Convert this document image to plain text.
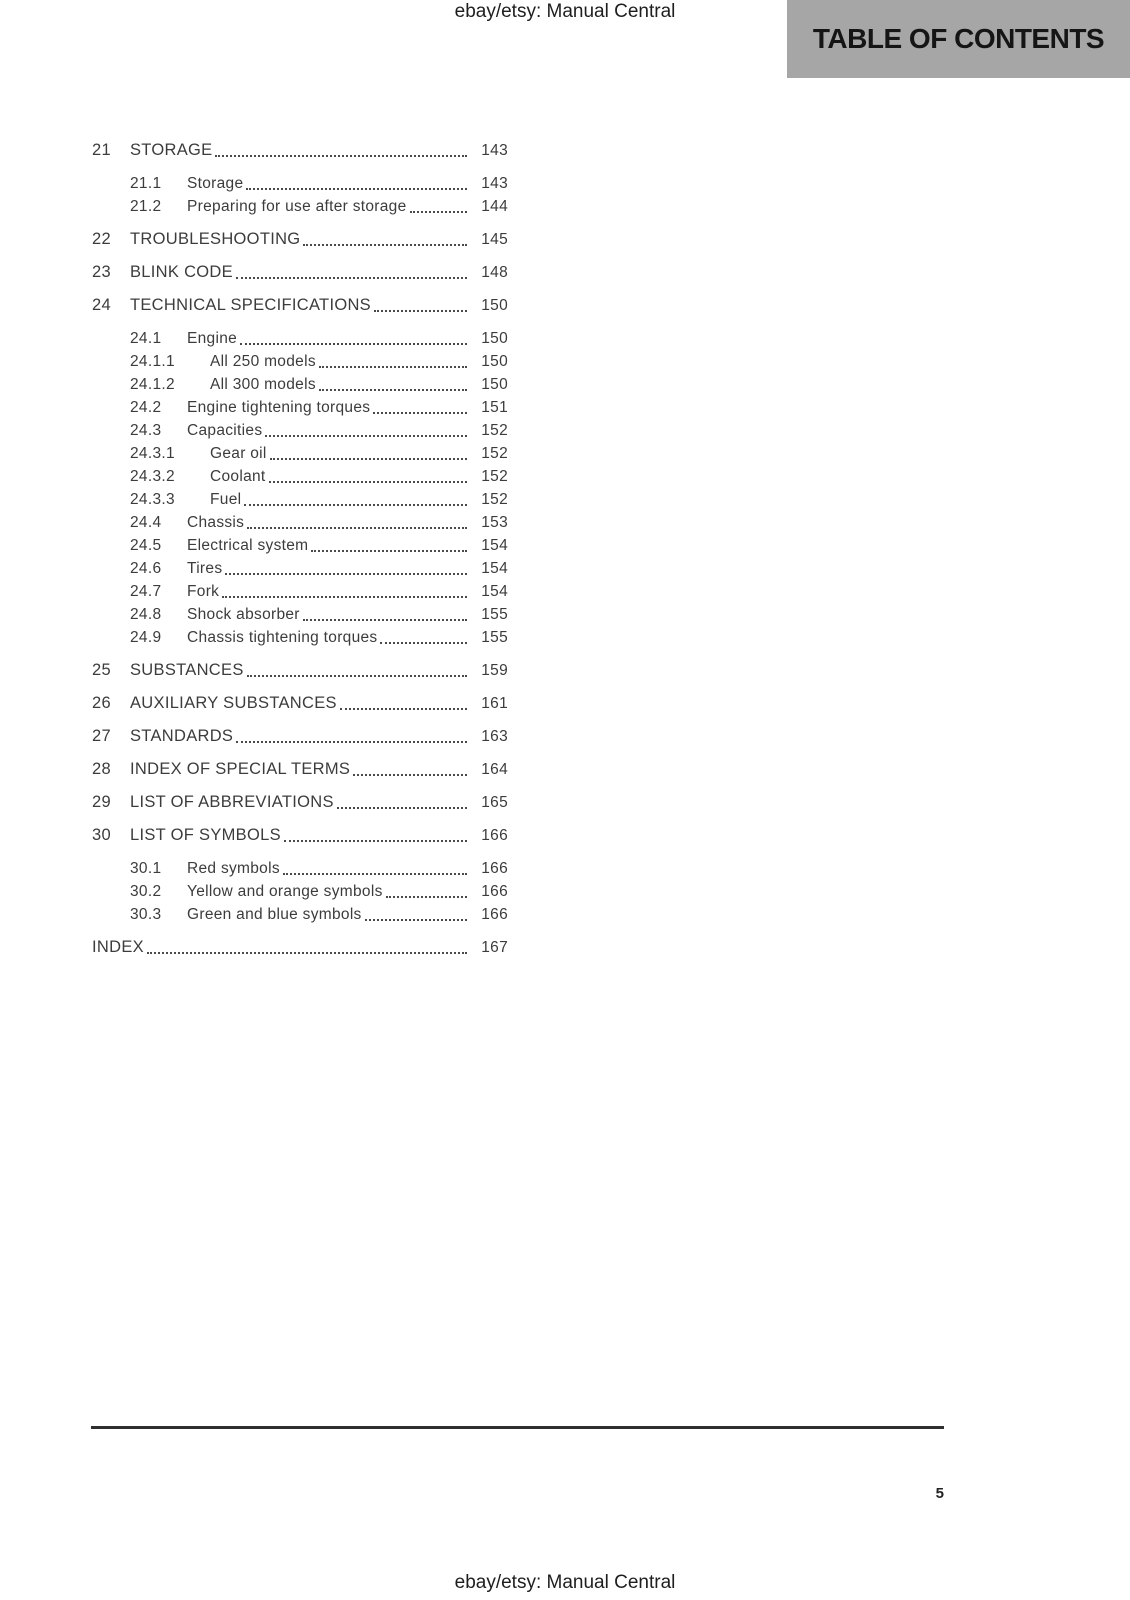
ebay/etsy: Manual Central
TABLE OF CONTENTS
21	STORAGE	143
21.1	Storage	143
21.2	Preparing for use after storage	144
22	TROUBLESHOOTING	145
23	BLINK CODE	148
24	TECHNICAL SPECIFICATIONS	150
24.1	Engine	150
24.1.1	All 250 models	150
24.1.2	All 300 models	150
24.2	Engine tightening torques	151
24.3	Capacities	152
24.3.1	Gear oil	152
24.3.2	Coolant	152
24.3.3	Fuel	152
24.4	Chassis	153
24.5	Electrical system	154
24.6	Tires	154
24.7	Fork	154
24.8	Shock absorber	155
24.9	Chassis tightening torques	155
25	SUBSTANCES	159
26	AUXILIARY SUBSTANCES	161
27	STANDARDS	163
28	INDEX OF SPECIAL TERMS	164
29	LIST OF ABBREVIATIONS	165
30	LIST OF SYMBOLS	166
30.1	Red symbols	166
30.2	Yellow and orange symbols	166
30.3	Green and blue symbols	166
INDEX	167
5
ebay/etsy: Manual Central
